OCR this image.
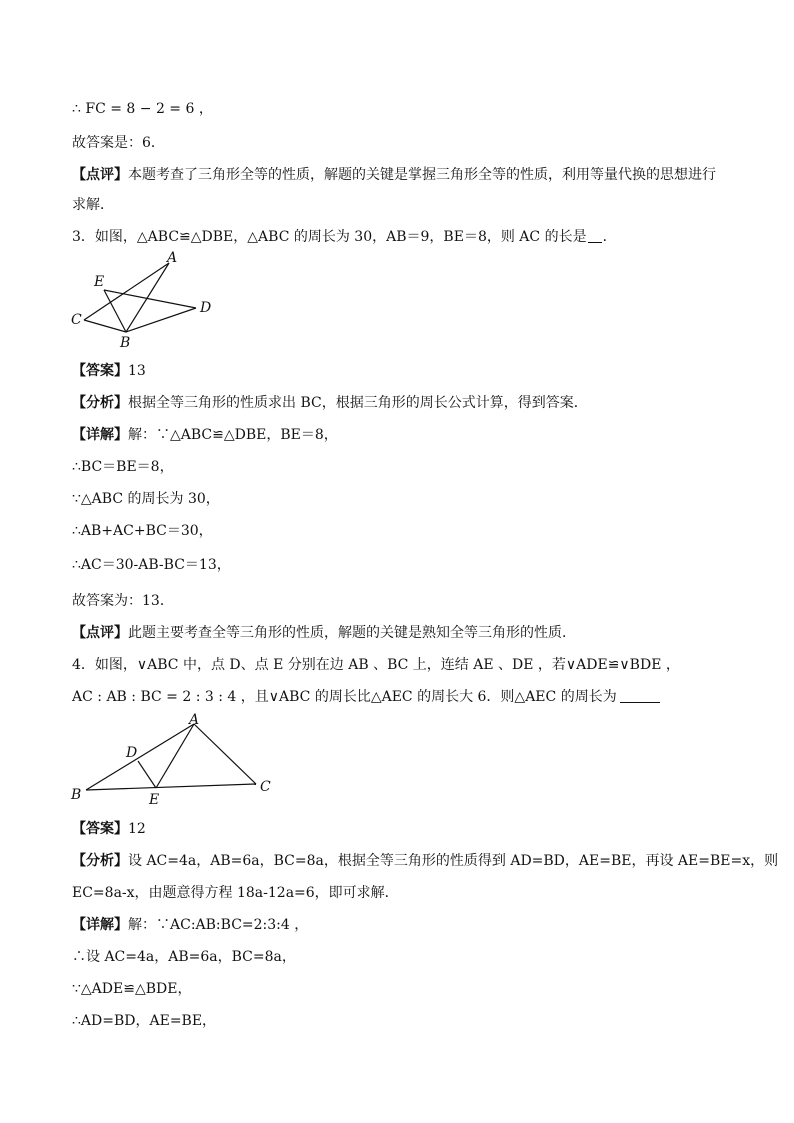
∴ FC = 8 − 2 = 6 ，
故答案是：6．
【点评】本题考查了三角形全等的性质，解题的关键是掌握三角形全等的性质，利用等量代换的思想进行
求解．
3．如图，△ABC≌△DBE，△ABC 的周长为 30，AB＝9，BE＝8，则 AC 的长是 ．
A
E
C
D
B
【答案】13
【分析】根据全等三角形的性质求出 BC，根据三角形的周长公式计算，得到答案．
【详解】解：∵△ABC≌△DBE，BE＝8，
∴BC＝BE＝8，
∵△ABC 的周长为 30，
∴AB+AC+BC＝30，
∴AC＝30-AB-BC＝13，
故答案为：13．
【点评】此题主要考查全等三角形的性质，解题的关键是熟知全等三角形的性质．
4．如图，∨ABC 中，点 D、点 E 分别在边 AB 、BC 上，连结 AE 、DE ，若∨ADE≌∨BDE ，
AC : AB : BC = 2 : 3 : 4 ，且∨ABC 的周长比△AEC 的周长大 6．则△AEC 的周长为
A
D
B	E
C
【答案】12
【分析】设 AC=4a，AB=6a，BC=8a，根据全等三角形的性质得到 AD=BD，AE=BE，再设 AE=BE=x，则
EC=8a-x，由题意得方程 18a-12a=6，即可求解．
【详解】解：∵AC:AB:BC=2:3:4 ，
∴设 AC=4a，AB=6a，BC=8a，
∵△ADE≌△BDE，
∴AD=BD，AE=BE，
